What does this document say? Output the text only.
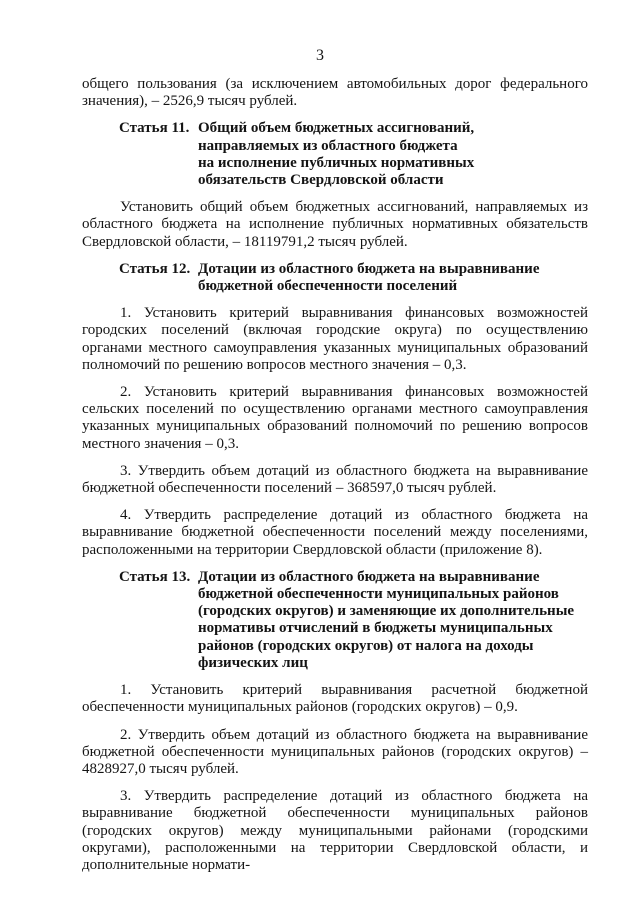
3

общего пользования (за исключением автомобильных дорог федерального значения), – 2526,9 тысяч рублей.

Статья 11. Общий объем бюджетных ассигнований,
направляемых из областного бюджета
на исполнение публичных нормативных
обязательств Свердловской области

Установить общий объем бюджетных ассигнований, направляемых из областного бюджета на исполнение публичных нормативных обязательств Свердловской области, – 18119791,2 тысяч рублей.

Статья 12. Дотации из областного бюджета на выравнивание
бюджетной обеспеченности поселений

1. Установить критерий выравнивания финансовых возможностей городских поселений (включая городские округа) по осуществлению органами местного самоуправления указанных муниципальных образований полномочий по решению вопросов местного значения – 0,3.

2. Установить критерий выравнивания финансовых возможностей сельских поселений по осуществлению органами местного самоуправления указанных муниципальных образований полномочий по решению вопросов местного значения – 0,3.

3. Утвердить объем дотаций из областного бюджета на выравнивание бюджетной обеспеченности поселений – 368597,0 тысяч рублей.

4. Утвердить распределение дотаций из областного бюджета на выравнивание бюджетной обеспеченности поселений между поселениями, расположенными на территории Свердловской области (приложение 8).

Статья 13. Дотации из областного бюджета на выравнивание
бюджетной обеспеченности муниципальных районов
(городских округов) и заменяющие их дополнительные
нормативы отчислений в бюджеты муниципальных
районов (городских округов) от налога на доходы
физических лиц

1. Установить критерий выравнивания расчетной бюджетной обеспеченности муниципальных районов (городских округов) – 0,9.

2. Утвердить объем дотаций из областного бюджета на выравнивание бюджетной обеспеченности муниципальных районов (городских округов) – 4828927,0 тысяч рублей.

3. Утвердить распределение дотаций из областного бюджета на выравнивание бюджетной обеспеченности муниципальных районов (городских округов) между муниципальными районами (городскими округами), расположенными на территории Свердловской области, и дополнительные нормати-
